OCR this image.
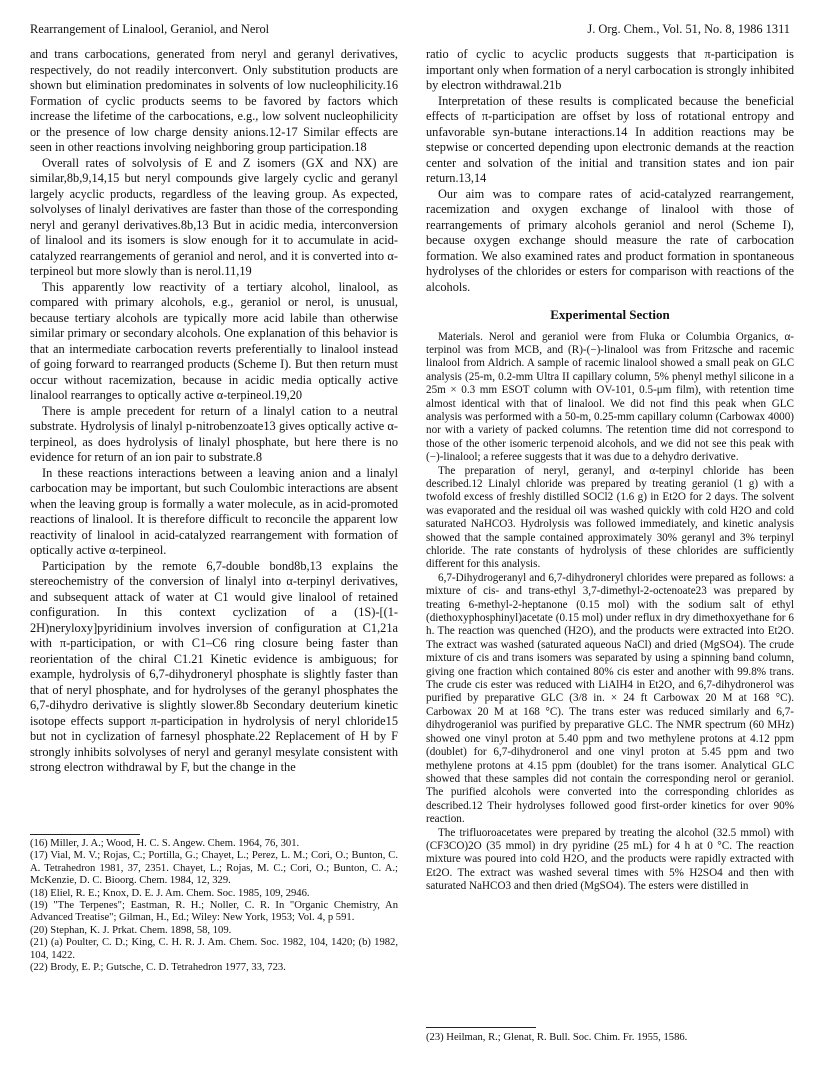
Rearrangement of Linalool, Geraniol, and Nerol	J. Org. Chem., Vol. 51, No. 8, 1986 1311

and trans carbocations, generated from neryl and geranyl derivatives, respectively, do not readily interconvert. Only substitution products are shown but elimination predominates in solvents of low nucleophilicity.16 Formation of cyclic products seems to be favored by factors which increase the lifetime of the carbocations, e.g., low solvent nucleophilicity or the presence of low charge density anions.12-17 Similar effects are seen in other reactions involving neighboring group participation.18

Overall rates of solvolysis of E and Z isomers (GX and NX) are similar,8b,9,14,15 but neryl compounds give largely cyclic and geranyl largely acyclic products, regardless of the leaving group. As expected, solvolyses of linalyl derivatives are faster than those of the corresponding neryl and geranyl derivatives.8b,13 But in acidic media, interconversion of linalool and its isomers is slow enough for it to accumulate in acid-catalyzed rearrangements of geraniol and nerol, and it is converted into α-terpineol but more slowly than is nerol.11,19

This apparently low reactivity of a tertiary alcohol, linalool, as compared with primary alcohols, e.g., geraniol or nerol, is unusual, because tertiary alcohols are typically more acid labile than otherwise similar primary or secondary alcohols. One explanation of this behavior is that an intermediate carbocation reverts preferentially to linalool instead of going forward to rearranged products (Scheme I). But then return must occur without racemization, because in acidic media optically active linalool rearranges to optically active α-terpineol.19,20

There is ample precedent for return of a linalyl cation to a neutral substrate. Hydrolysis of linalyl p-nitrobenzoate13 gives optically active α-terpineol, as does hydrolysis of linalyl phosphate, but here there is no evidence for return of an ion pair to substrate.8

In these reactions interactions between a leaving anion and a linalyl carbocation may be important, but such Coulombic interactions are absent when the leaving group is formally a water molecule, as in acid-promoted reactions of linalool. It is therefore difficult to reconcile the apparent low reactivity of linalool in acid-catalyzed rearrangement with formation of optically active α-terpineol.

Participation by the remote 6,7-double bond8b,13 explains the stereochemistry of the conversion of linalyl into α-terpinyl derivatives, and subsequent attack of water at C1 would give linalool of retained configuration. In this context cyclization of a (1S)-[(1-2H)neryloxy]pyridinium involves inversion of configuration at C1,21a with π-participation, or with C1–C6 ring closure being faster than reorientation of the chiral C1.21 Kinetic evidence is ambiguous; for example, hydrolysis of 6,7-dihydroneryl phosphate is slightly faster than that of neryl phosphate, and for hydrolyses of the geranyl phosphates the 6,7-dihydro derivative is slightly slower.8b Secondary deuterium kinetic isotope effects support π-participation in hydrolysis of neryl chloride15 but not in cyclization of farnesyl phosphate.22 Replacement of H by F strongly inhibits solvolyses of neryl and geranyl mesylate consistent with strong electron withdrawal by F, but the change in the

(16) Miller, J. A.; Wood, H. C. S. Angew. Chem. 1964, 76, 301.

(17) Vial, M. V.; Rojas, C.; Portilla, G.; Chayet, L.; Perez, L. M.; Cori, O.; Bunton, C. A. Tetrahedron 1981, 37, 2351. Chayet, L.; Rojas, M. C.; Cori, O.; Bunton, C. A.; McKenzie, D. C. Bioorg. Chem. 1984, 12, 329.

(18) Eliel, R. E.; Knox, D. E. J. Am. Chem. Soc. 1985, 109, 2946.

(19) "The Terpenes"; Eastman, R. H.; Noller, C. R. In "Organic Chemistry, An Advanced Treatise"; Gilman, H., Ed.; Wiley: New York, 1953; Vol. 4, p 591.

(20) Stephan, K. J. Prkat. Chem. 1898, 58, 109.

(21) (a) Poulter, C. D.; King, C. H. R. J. Am. Chem. Soc. 1982, 104, 1420; (b) 1982, 104, 1422.

(22) Brody, E. P.; Gutsche, C. D. Tetrahedron 1977, 33, 723.

ratio of cyclic to acyclic products suggests that π-participation is important only when formation of a neryl carbocation is strongly inhibited by electron withdrawal.21b

Interpretation of these results is complicated because the beneficial effects of π-participation are offset by loss of rotational entropy and unfavorable syn-butane interactions.14 In addition reactions may be stepwise or concerted depending upon electronic demands at the reaction center and solvation of the initial and transition states and ion pair return.13,14

Our aim was to compare rates of acid-catalyzed rearrangement, racemization and oxygen exchange of linalool with those of rearrangements of primary alcohols geraniol and nerol (Scheme I), because oxygen exchange should measure the rate of carbocation formation. We also examined rates and product formation in spontaneous hydrolyses of the chlorides or esters for comparison with reactions of the alcohols.

Experimental Section

Materials. Nerol and geraniol were from Fluka or Columbia Organics, α-terpinol was from MCB, and (R)-(−)-linalool was from Fritzsche and racemic linalool from Aldrich. A sample of racemic linalool showed a small peak on GLC analysis (25-m, 0.2-mm Ultra II capillary column, 5% phenyl methyl silicone in a 25m × 0.3 mm ESOT column with OV-101, 0.5-μm film), with retention time almost identical with that of linalool. We did not find this peak when GLC analysis was performed with a 50-m, 0.25-mm capillary column (Carbowax 4000) nor with a variety of packed columns. The retention time did not correspond to those of the other isomeric terpenoid alcohols, and we did not see this peak with (−)-linalool; a referee suggests that it was due to a dehydro derivative.

The preparation of neryl, geranyl, and α-terpinyl chloride has been described.12 Linalyl chloride was prepared by treating geraniol (1 g) with a twofold excess of freshly distilled SOCl2 (1.6 g) in Et2O for 2 days. The solvent was evaporated and the residual oil was washed quickly with cold H2O and cold saturated NaHCO3. Hydrolysis was followed immediately, and kinetic analysis showed that the sample contained approximately 30% geranyl and 3% terpinyl chloride. The rate constants of hydrolysis of these chlorides are sufficiently different for this analysis.

6,7-Dihydrogeranyl and 6,7-dihydroneryl chlorides were prepared as follows: a mixture of cis- and trans-ethyl 3,7-dimethyl-2-octenoate23 was prepared by treating 6-methyl-2-heptanone (0.15 mol) with the sodium salt of ethyl (diethoxyphosphinyl)acetate (0.15 mol) under reflux in dry dimethoxyethane for 6 h. The reaction was quenched (H2O), and the products were extracted into Et2O. The extract was washed (saturated aqueous NaCl) and dried (MgSO4). The crude mixture of cis and trans isomers was separated by using a spinning band column, giving one fraction which contained 80% cis ester and another with 99.8% trans. The crude cis ester was reduced with LiAlH4 in Et2O, and 6,7-dihydronerol was purified by preparative GLC (3/8 in. × 24 ft Carbowax 20 M at 168 °C). Carbowax 20 M at 168 °C). The trans ester was reduced similarly and 6,7-dihydrogeraniol was purified by preparative GLC. The NMR spectrum (60 MHz) showed one vinyl proton at 5.40 ppm and two methylene protons at 4.12 ppm (doublet) for 6,7-dihydronerol and one vinyl proton at 5.45 ppm and two methylene protons at 4.15 ppm (doublet) for the trans isomer. Analytical GLC showed that these samples did not contain the corresponding nerol or geraniol. The purified alcohols were converted into the corresponding chlorides as described.12 Their hydrolyses followed good first-order kinetics for over 90% reaction.

The trifluoroacetates were prepared by treating the alcohol (32.5 mmol) with (CF3CO)2O (35 mmol) in dry pyridine (25 mL) for 4 h at 0 °C. The reaction mixture was poured into cold H2O, and the products were rapidly extracted with Et2O. The extract was washed several times with 5% H2SO4 and then with saturated NaHCO3 and then dried (MgSO4). The esters were distilled in

(23) Heilman, R.; Glenat, R. Bull. Soc. Chim. Fr. 1955, 1586.
